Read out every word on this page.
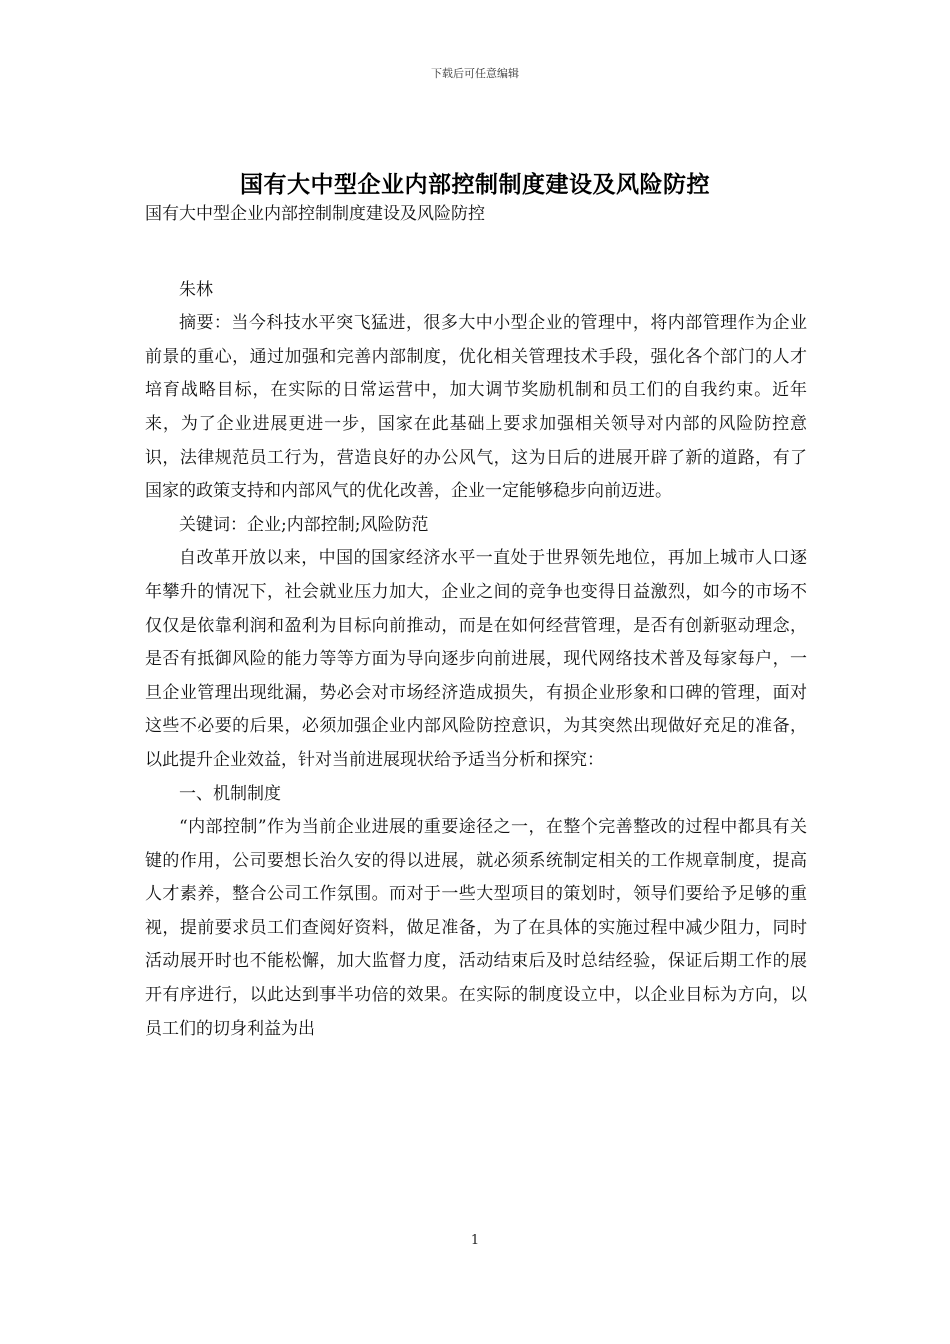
下载后可任意编辑
国有大中型企业内部控制制度建设及风险防控

国有大中型企业内部控制制度建设及风险防控

朱林

摘要：当今科技水平突飞猛进，很多大中小型企业的管理中，将内部管理作为企业前景的重心，通过加强和完善内部制度，优化相关管理技术手段，强化各个部门的人才培育战略目标，在实际的日常运营中，加大调节奖励机制和员工们的自我约束。近年来，为了企业进展更进一步，国家在此基础上要求加强相关领导对内部的风险防控意识，法律规范员工行为，营造良好的办公风气，这为日后的进展开辟了新的道路，有了国家的政策支持和内部风气的优化改善，企业一定能够稳步向前迈进。

关键词：企业;内部控制;风险防范

自改革开放以来，中国的国家经济水平一直处于世界领先地位，再加上城市人口逐年攀升的情况下，社会就业压力加大，企业之间的竞争也变得日益激烈，如今的市场不仅仅是依靠利润和盈利为目标向前推动，而是在如何经营管理，是否有创新驱动理念，是否有抵御风险的能力等等方面为导向逐步向前进展，现代网络技术普及每家每户，一旦企业管理出现纰漏，势必会对市场经济造成损失，有损企业形象和口碑的管理，面对这些不必要的后果，必须加强企业内部风险防控意识，为其突然出现做好充足的准备，以此提升企业效益，针对当前进展现状给予适当分析和探究：

一、机制制度

“内部控制”作为当前企业进展的重要途径之一，在整个完善整改的过程中都具有关键的作用，公司要想长治久安的得以进展，就必须系统制定相关的工作规章制度，提高人才素养，整合公司工作氛围。而对于一些大型项目的策划时，领导们要给予足够的重视，提前要求员工们查阅好资料，做足准备，为了在具体的实施过程中减少阻力，同时活动展开时也不能松懈，加大监督力度，活动结束后及时总结经验，保证后期工作的展开有序进行，以此达到事半功倍的效果。在实际的制度设立中，以企业目标为方向，以员工们的切身利益为出

1
